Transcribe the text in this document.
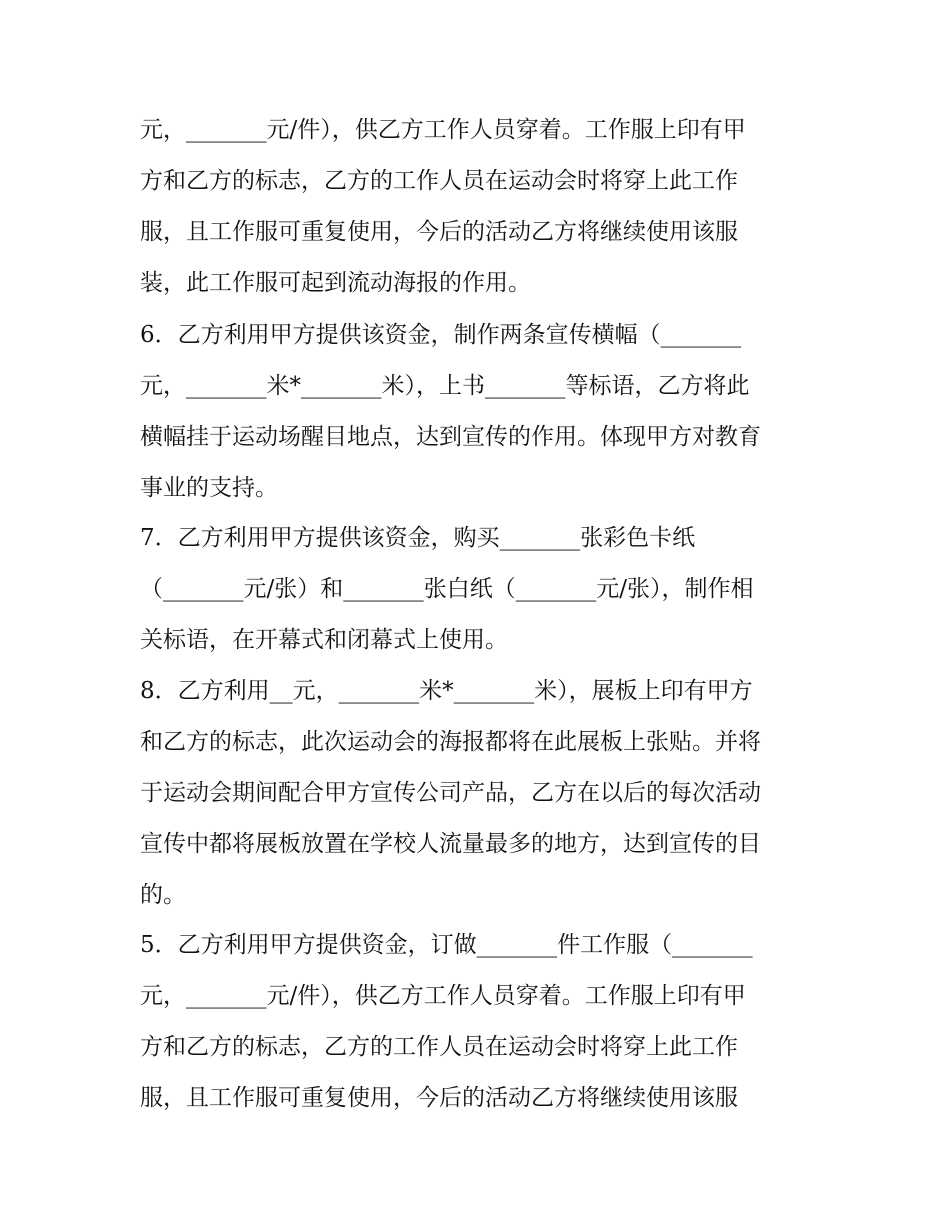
元，_______元/件），供乙方工作人员穿着。工作服上印有甲
方和乙方的标志，乙方的工作人员在运动会时将穿上此工作
服，且工作服可重复使用，今后的活动乙方将继续使用该服
装，此工作服可起到流动海报的作用。
6．乙方利用甲方提供该资金，制作两条宣传横幅（_______
元，_______米*_______米），上书_______等标语，乙方将此
横幅挂于运动场醒目地点，达到宣传的作用。体现甲方对教育
事业的支持。
7．乙方利用甲方提供该资金，购买_______张彩色卡纸
（_______元/张）和_______张白纸（_______元/张），制作相
关标语，在开幕式和闭幕式上使用。
8．乙方利用__元，_______米*_______米），展板上印有甲方
和乙方的标志，此次运动会的海报都将在此展板上张贴。并将
于运动会期间配合甲方宣传公司产品，乙方在以后的每次活动
宣传中都将展板放置在学校人流量最多的地方，达到宣传的目
的。
5．乙方利用甲方提供资金，订做_______件工作服（_______
元，_______元/件），供乙方工作人员穿着。工作服上印有甲
方和乙方的标志，乙方的工作人员在运动会时将穿上此工作
服，且工作服可重复使用，今后的活动乙方将继续使用该服
